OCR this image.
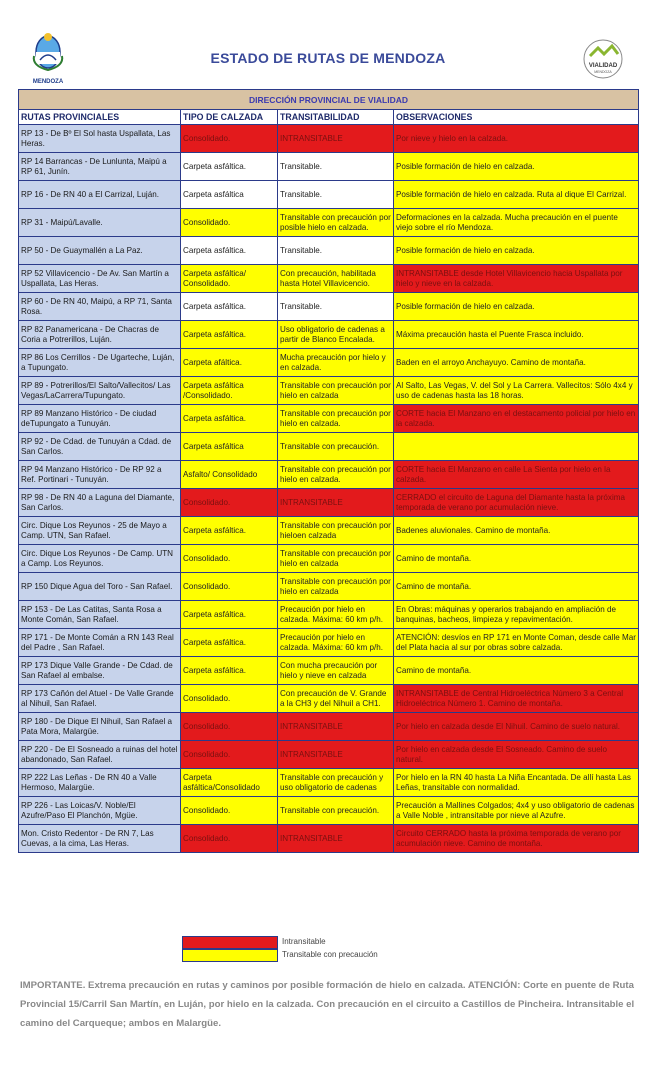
MENDOZA
ESTADO DE RUTAS DE MENDOZA	VIALIDAD
MENDOZA
DIRECCIÓN PROVINCIAL DE VIALIDAD			
RUTAS PROVINCIALES	TIPO DE CALZADA	TRANSITABILIDAD	OBSERVACIONES
RP 13 - De Bº El Sol hasta Uspallata, Las Heras.	Consolidado.	INTRANSITABLE	Por nieve y hielo en la calzada.
RP 14 Barrancas - De Lunlunta, Maipú a RP 61, Junín.	Carpeta asfáltica.	Transitable.	Posible formación de hielo en calzada.
RP 16 - De RN 40 a El Carrizal, Luján.	Carpeta asfáltica	Transitable.	Posible formación de hielo en calzada. Ruta al dique El Carrizal.
RP 31 - Maipú/Lavalle.	Consolidado.	Transitable con precaución por posible hielo en calzada.	Deformaciones en la calzada. Mucha precaución en el puente viejo sobre el río Mendoza.
RP 50 - De Guaymallén a La Paz.	Carpeta asfáltica.	Transitable.	Posible formación de hielo en calzada.
RP 52 Villavicencio - De Av. San Martín a Uspallata, Las Heras.	Carpeta asfáltica/ Consolidado.	Con precaución, habilitada hasta Hotel Villavicencio.	INTRANSITABLE desde Hotel Villavicencio hacia Uspallata por hielo y nieve en la calzada.
RP 60 - De RN 40, Maipú, a RP 71, Santa Rosa.	Carpeta asfáltica.	Transitable.	Posible formación de hielo en calzada.
RP 82 Panamericana - De Chacras de Coria a Potrerillos, Luján.	Carpeta asfáltica.	Uso obligatorio de cadenas a partir de Blanco Encalada.	Máxima precaución hasta el Puente Frasca incluido.
RP 86 Los Cerrillos - De Ugarteche, Luján, a Tupungato.	Carpeta afáltica.	Mucha precaución por hielo y en calzada.	Baden en el arroyo Anchayuyo. Camino de montaña.
RP 89 - Potrerillos/El Salto/Vallecitos/ Las Vegas/LaCarrera/Tupungato.	Carpeta asfáltica /Consolidado.	Transitable con precaución por hielo en calzada	Al Salto, Las Vegas, V. del Sol y La Carrera. Vallecitos: Sólo 4x4 y uso de cadenas hasta las 18 horas.
RP 89 Manzano Histórico - De ciudad deTupungato a Tunuyán.	Carpeta asfáltica.	Transitable con precaución por hielo en calzada.	CORTE hacia El Manzano en el destacamento policial por hielo en la calzada.
RP 92 - De Cdad. de Tunuyán a Cdad. de San Carlos.	Carpeta asfáltica	Transitable con precaución.	
RP 94 Manzano Histórico - De RP 92 a Ref. Portinari - Tunuyán.	Asfalto/ Consolidado	Transitable con precaución por hielo en calzada.	CORTE hacia El Manzano en calle La Sienta por hielo en la calzada.
RP 98 - De RN 40 a Laguna del Diamante, San Carlos.	Consolidado.	INTRANSITABLE	CERRADO el circuito de Laguna del Diamante hasta la próxima temporada de verano por acumulación nieve.
Circ. Dique Los Reyunos - 25 de Mayo a Camp. UTN, San Rafael.	Carpeta asfáltica.	Transitable con precaución por hieloen calzada	Badenes aluvionales. Camino de montaña.
Circ. Dique Los Reyunos - De Camp. UTN a Camp. Los Reyunos.	Consolidado.	Transitable con precaución por hielo en calzada	Camino de montaña.
RP 150 Dique Agua del Toro - San Rafael.	Consolidado.	Transitable con precaución por hielo en calzada	Camino de montaña.
RP 153 - De Las Catitas, Santa Rosa a Monte Comán, San Rafael.	Carpeta asfáltica.	Precaución por hielo en calzada. Máxima: 60 km p/h.	En Obras: máquinas y operarios trabajando en ampliación de banquinas, bacheos, limpieza y repavimentación.
RP 171 - De Monte Comán a RN 143 Real del Padre , San Rafael.	Carpeta asfáltica.	Precaución por hielo en calzada. Máxima: 60 km p/h.	ATENCIÓN: desvíos en RP 171 en Monte Coman, desde calle Mar del Plata hacia al sur por obras sobre calzada.
RP 173 Dique Valle Grande - De Cdad. de San Rafael al embalse.	Carpeta asfáltica.	Con mucha precaución por hielo y nieve en calzada	Camino de montaña.
RP 173 Cañón del Atuel - De Valle Grande al Nihuil, San Rafael.	Consolidado.	Con precaución de V. Grande a la CH3 y del Nihuil a CH1.	INTRANSITABLE de Central Hidroeléctrica Número 3 a Central Hidroeléctrica Número 1. Camino de montaña.
RP 180 - De Dique El Nihuil, San Rafael a Pata Mora, Malargüe.	Consolidado.	INTRANSITABLE	Por hielo en calzada desde El Nihuil. Camino de suelo natural.
RP 220 - De El Sosneado a ruinas del hotel abandonado, San Rafael.	Consolidado.	INTRANSITABLE	Por hielo en calzada desde El Sosneado. Camino de suelo natural.
RP 222 Las Leñas - De RN 40 a Valle Hermoso, Malargüe.	Carpeta asfáltica/Consolidado	Transitable con precaución y uso obligatorio de cadenas	Por hielo en la RN 40 hasta La Niña Encantada. De allí hasta Las Leñas, transitable con normalidad.
RP 226 - Las Loicas/V. Noble/El Azufre/Paso El Planchón, Mgüe.	Consolidado.	Transitable con precaución.	Precaución a Mallines Colgados; 4x4 y uso obligatorio de cadenas a Valle Noble , intransitable por nieve al Azufre.
Mon. Cristo Redentor - De RN 7, Las Cuevas, a la cima, Las Heras.	Consolidado.	INTRANSITABLE	Circuito CERRADO hasta la próxima temporada de verano por acumulación nieve. Camino de montaña.
Intransitable
Transitable con precaución
IMPORTANTE. Extrema precaución en rutas y caminos por posible formación de hielo en calzada. ATENCIÓN: Corte en puente de Ruta Provincial 15/Carril San Martín, en Luján, por hielo en la calzada. Con precaución en el circuito a Castillos de Pincheira. Intransitable el camino del Carqueque; ambos en Malargüe.
